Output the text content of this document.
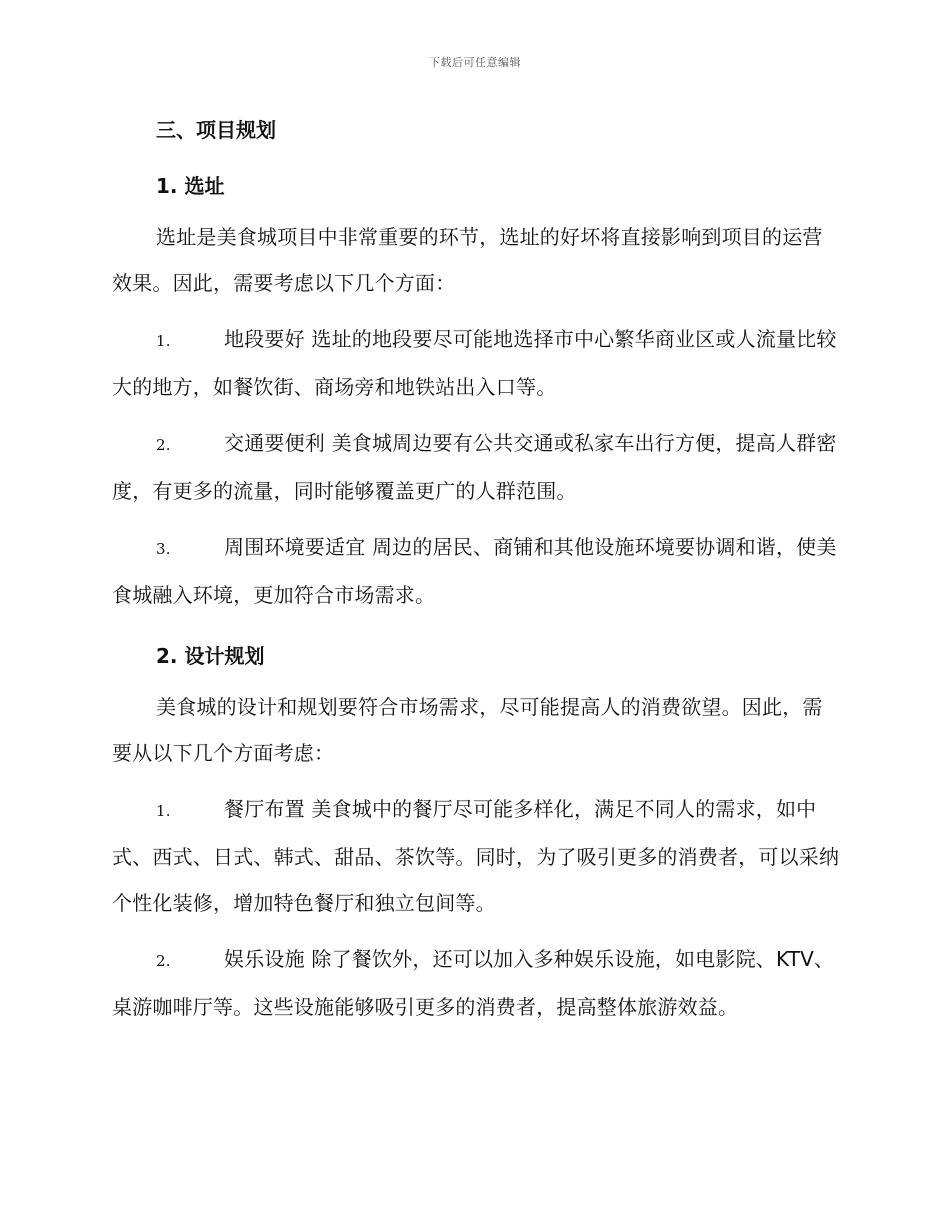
下载后可任意编辑

三、项目规划

1. 选址

选址是美食城项目中非常重要的环节，选址的好坏将直接影响到项目的运营效果。因此，需要考虑以下几个方面：

1.	地段要好 选址的地段要尽可能地选择市中心繁华商业区或人流量比较大的地方，如餐饮街、商场旁和地铁站出入口等。

2.	交通要便利 美食城周边要有公共交通或私家车出行方便，提高人群密度，有更多的流量，同时能够覆盖更广的人群范围。

3.	周围环境要适宜 周边的居民、商铺和其他设施环境要协调和谐，使美食城融入环境，更加符合市场需求。

2. 设计规划

美食城的设计和规划要符合市场需求，尽可能提高人的消费欲望。因此，需要从以下几个方面考虑：

1.	餐厅布置 美食城中的餐厅尽可能多样化，满足不同人的需求，如中式、西式、日式、韩式、甜品、茶饮等。同时，为了吸引更多的消费者，可以采纳个性化装修，增加特色餐厅和独立包间等。

2.	娱乐设施 除了餐饮外，还可以加入多种娱乐设施，如电影院、KTV、桌游咖啡厅等。这些设施能够吸引更多的消费者，提高整体旅游效益。
